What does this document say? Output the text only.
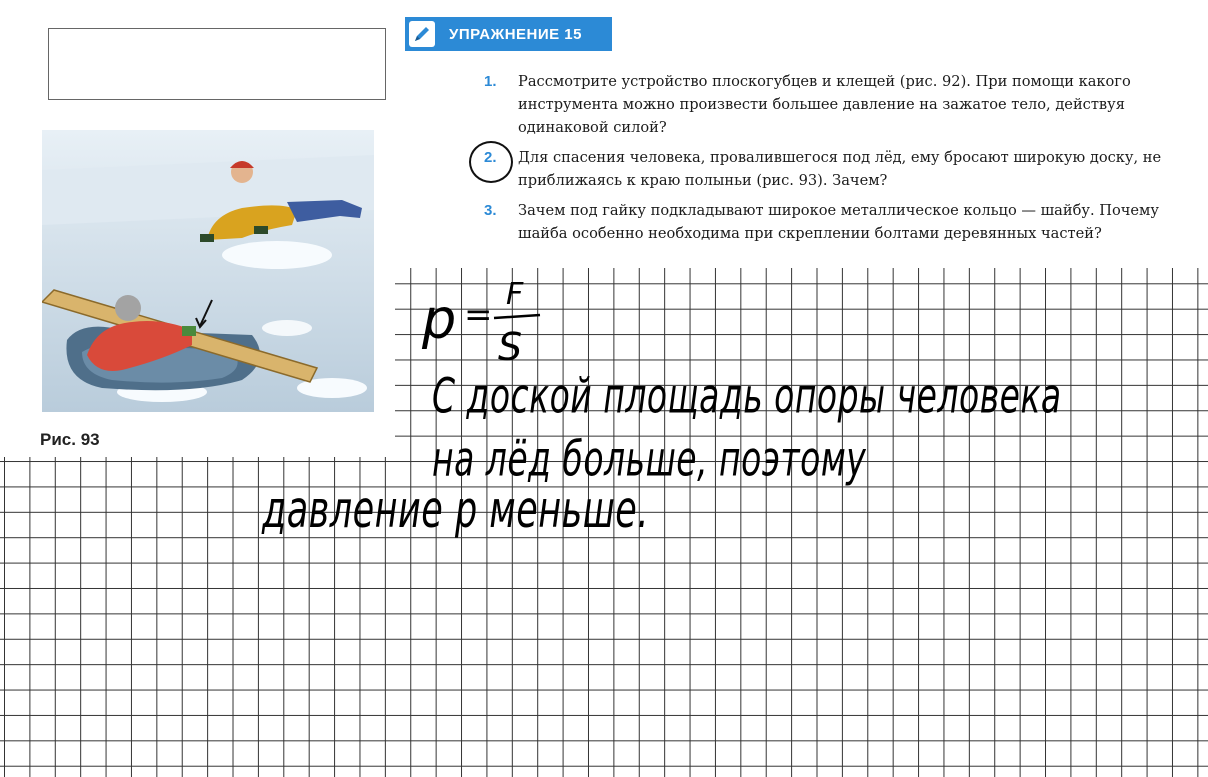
Рис. 93
УПРАЖНЕНИЕ 15
1. Рассмотрите устройство плоскогубцев и клещей (рис. 92). При помощи какого инструмента можно произвести большее давление на зажатое тело, действуя одинаковой силой?
2. Для спасения человека, провалившегося под лёд, ему бросают широкую доску, не приближаясь к краю полыньи (рис. 93). Зачем?
3. Зачем под гайку подкладывают широкое металлическое кольцо — шайбу. Почему шайба особенно необходима при скреплении болтами деревянных частей?
p =
F
S
С доской площадь опоры человека
на лёд больше, поэтому
давление p меньше.
